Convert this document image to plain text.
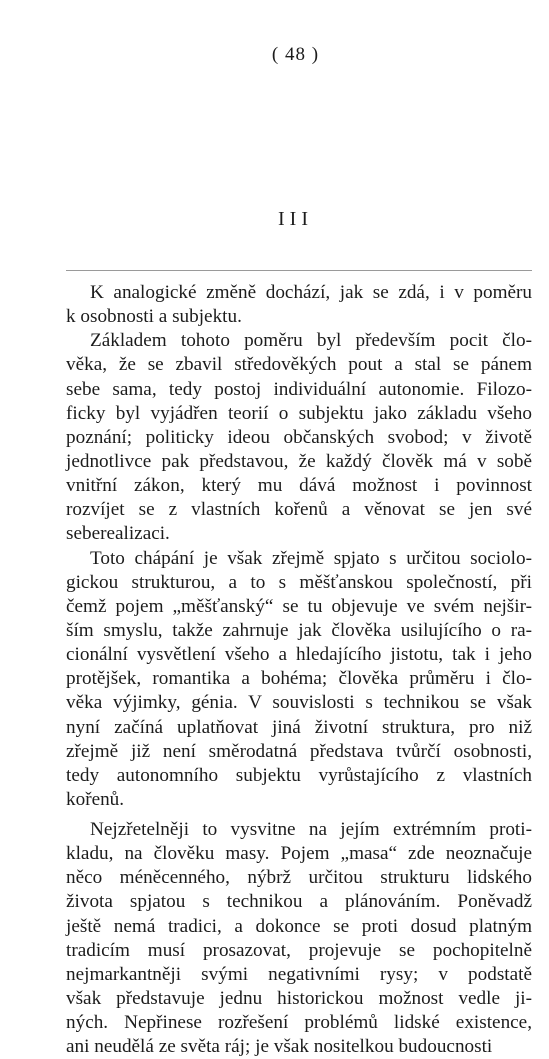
( 48 )
III
K analogické změně dochází, jak se zdá, i v poměru
k osobnosti a subjektu.
Základem tohoto poměru byl především pocit člo-
věka, že se zbavil středověkých pout a stal se pánem
sebe sama, tedy postoj individuální autonomie. Filozo-
ficky byl vyjádřen teorií o subjektu jako základu všeho
poznání; politicky ideou občanských svobod; v životě
jednotlivce pak představou, že každý člověk má v sobě
vnitřní zákon, který mu dává možnost i povinnost
rozvíjet se z vlastních kořenů a věnovat se jen své
seberealizaci.
Toto chápání je však zřejmě spjato s určitou sociolo-
gickou strukturou, a to s měšťanskou společností, při
čemž pojem „měšťanský“ se tu objevuje ve svém nejšir-
ším smyslu, takže zahrnuje jak člověka usilujícího o ra-
cionální vysvětlení všeho a hledajícího jistotu, tak i jeho
protějšek, romantika a bohéma; člověka průměru i člo-
věka výjimky, génia. V souvislosti s technikou se však
nyní začíná uplatňovat jiná životní struktura, pro niž
zřejmě již není směrodatná představa tvůrčí osobnosti,
tedy autonomního subjektu vyrůstajícího z vlastních
kořenů.
Nejzřetelněji to vysvitne na jejím extrémním proti-
kladu, na člověku masy. Pojem „masa“ zde neoznačuje
něco méněcenného, nýbrž určitou strukturu lidského
života spjatou s technikou a plánováním. Poněvadž
ještě nemá tradici, a dokonce se proti dosud platným
tradicím musí prosazovat, projevuje se pochopitelně
nejmarkantněji svými negativními rysy; v podstatě
však představuje jednu historickou možnost vedle ji-
ných. Nepřinese rozřešení problémů lidské existence,
ani neudělá ze světa ráj; je však nositelkou budoucnosti
